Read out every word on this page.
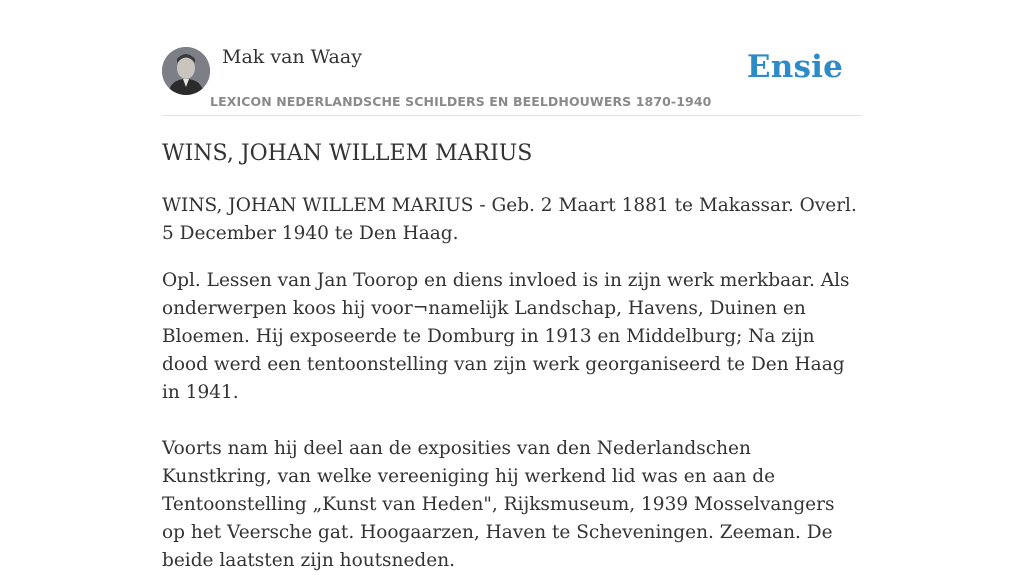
Mak van Waay	Ensie
LEXICON NEDERLANDSCHE SCHILDERS EN BEELDHOUWERS 1870-1940
WINS, JOHAN WILLEM MARIUS

WINS, JOHAN WILLEM MARIUS - Geb. 2 Maart 1881 te Makassar. Overl. 5 December 1940 te Den Haag.

Opl. Lessen van Jan Toorop en diens invloed is in zijn werk merkbaar. Als onderwerpen koos hij voor¬namelijk Landschap, Havens, Duinen en Bloemen. Hij exposeerde te Domburg in 1913 en Middelburg; Na zijn dood werd een tentoonstelling van zijn werk georganiseerd te Den Haag in 1941.

Voorts nam hij deel aan de exposities van den Nederlandschen Kunstkring, van welke vereeniging hij werkend lid was en aan de Tentoonstelling „Kunst van Heden", Rijksmuseum, 1939 Mosselvangers op het Veersche gat. Hoogaarzen, Haven te Scheveningen. Zeeman. De beide laatsten zijn houtsneden.
